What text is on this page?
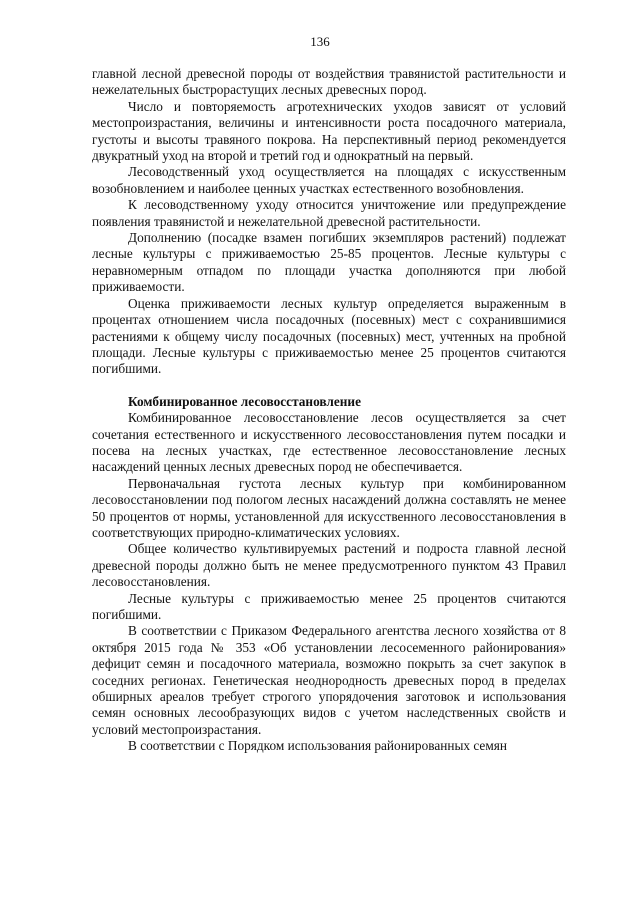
136

главной лесной древесной породы от воздействия травянистой растительности и нежелательных быстрорастущих лесных древесных пород.

Число и повторяемость агротехнических уходов зависят от условий местопроизрастания, величины и интенсивности роста посадочного материала, густоты и высоты травяного покрова. На перспективный период рекомендуется двукратный уход на второй и третий год и однократный на первый.

Лесоводственный уход осуществляется на площадях с искусственным возобновлением и наиболее ценных участках естественного возобновления.

К лесоводственному уходу относится уничтожение или предупреждение появления травянистой и нежелательной древесной растительности.

Дополнению (посадке взамен погибших экземпляров растений) подлежат лесные культуры с приживаемостью 25-85 процентов. Лесные культуры с неравномерным отпадом по площади участка дополняются при любой приживаемости.

Оценка приживаемости лесных культур определяется выраженным в процентах отношением числа посадочных (посевных) мест с сохранившимися растениями к общему числу посадочных (посевных) мест, учтенных на пробной площади. Лесные культуры с приживаемостью менее 25 процентов считаются погибшими.

Комбинированное лесовосстановление

Комбинированное лесовосстановление лесов осуществляется за счет сочетания естественного и искусственного лесовосстановления путем посадки и посева на лесных участках, где естественное лесовосстановление лесных насаждений ценных лесных древесных пород не обеспечивается.

Первоначальная густота лесных культур при комбинированном лесовосстановлении под пологом лесных насаждений должна составлять не менее 50 процентов от нормы, установленной для искусственного лесовосстановления в соответствующих природно-климатических условиях.

Общее количество культивируемых растений и подроста главной лесной древесной породы должно быть не менее предусмотренного пунктом 43 Правил лесовосстановления.

Лесные культуры с приживаемостью менее 25 процентов считаются погибшими.

В соответствии с Приказом Федерального агентства лесного хозяйства от 8 октября 2015 года № 353 «Об установлении лесосеменного районирования» дефицит семян и посадочного материала, возможно покрыть за счет закупок в соседних регионах. Генетическая неоднородность древесных пород в пределах обширных ареалов требует строгого упорядочения заготовок и использования семян основных лесообразующих видов с учетом наследственных свойств и условий местопроизрастания.

В соответствии с Порядком использования районированных семян
